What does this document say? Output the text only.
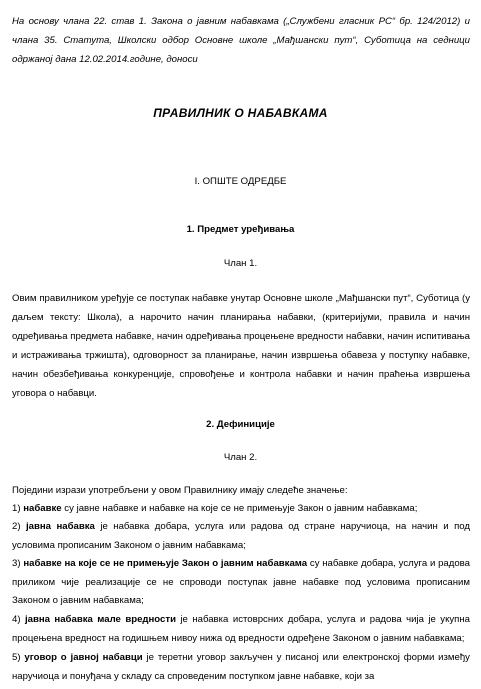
На основу члана 22. став 1. Закона о јавним набавкама („Службени гласник РС“ бр. 124/2012) и члана 35. Статута, Школски одбор Основне школе „Мађшански пут“, Суботица на седници одржаној дана 12.02.2014.године, доноси
ПРАВИЛНИК О НАБАВКАМА
I. ОПШТЕ ОДРЕДБЕ
1. Предмет уређивања
Члан 1.
Овим правилником уређује се поступак набавке унутар Основне школе „Мађшански пут“, Суботица (у даљем тексту: Школа), а нарочито начин планирања набавки, (критеријуми, правила и начин одређивања предмета набавке, начин одређивања процењене вредности набавки, начин испитивања и истраживања тржишта), одговорност за планирање, начин извршења обавеза у поступку набавке, начин обезбеђивања конкуренције, спровођење и контрола набавки и начин праћења извршења уговора о набавци.
2. Дефиниције
Члан 2.
Поједини изрази употребљени у овом Правилнику имају следеће значење:
1) набавке су јавне набавке и набавке на које се не примењује Закон о јавним набавкама;
2) јавна набавка је набавка добара, услуга или радова од стране наручиоца, на начин и под условима прописаним Законом о јавним набавкама;
3) набавке на које се не примењује Закон о јавним набавкама су набавке добара, услуга и радова приликом чије реализације се не спроводи поступак јавне набавке под условима прописаним Законом о јавним набавкама;
4) јавна набавка мале вредности је набавка истоврсних добара, услуга и радова чија је укупна процењена вредност на годишњем нивоу нижа од вредности одређене Законом о јавним набавкама;
5) уговор о јавној набавци је теретни уговор закључен у писаној или електронској форми између наручиоца и понуђача у складу са спроведеним поступком јавне набавке, који за
